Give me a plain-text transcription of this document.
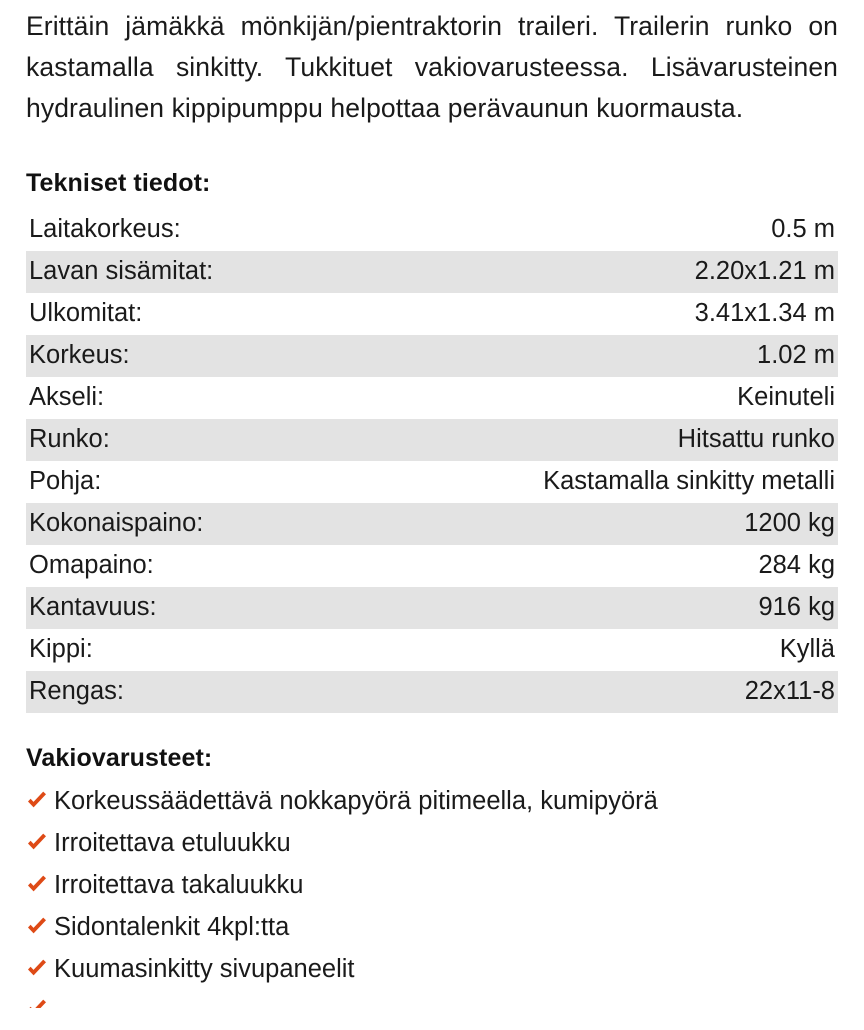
Erittäin jämäkkä mönkijän/pientraktorin traileri. Trailerin runko on kastamalla sinkitty. Tukkituet vakiovarusteessa. Lisävarusteinen hydraulinen kippipumppu helpottaa perävaunun kuormausta.

Tekniset tiedot:
Laitakorkeus:	0.5 m
Lavan sisämitat:	2.20x1.21 m
Ulkomitat:	3.41x1.34 m
Korkeus:	1.02 m
Akseli:	Keinuteli
Runko:	Hitsattu runko
Pohja:	Kastamalla sinkitty metalli
Kokonaispaino:	1200 kg
Omapaino:	284 kg
Kantavuus:	916 kg
Kippi:	Kyllä
Rengas:	22x11-8
Vakiovarusteet:
Korkeussäädettävä nokkapyörä pitimeella, kumipyörä
Irroitettava etuluukku
Irroitettava takaluukku
Sidontalenkit 4kpl:tta
Kuumasinkitty sivupaneelit
